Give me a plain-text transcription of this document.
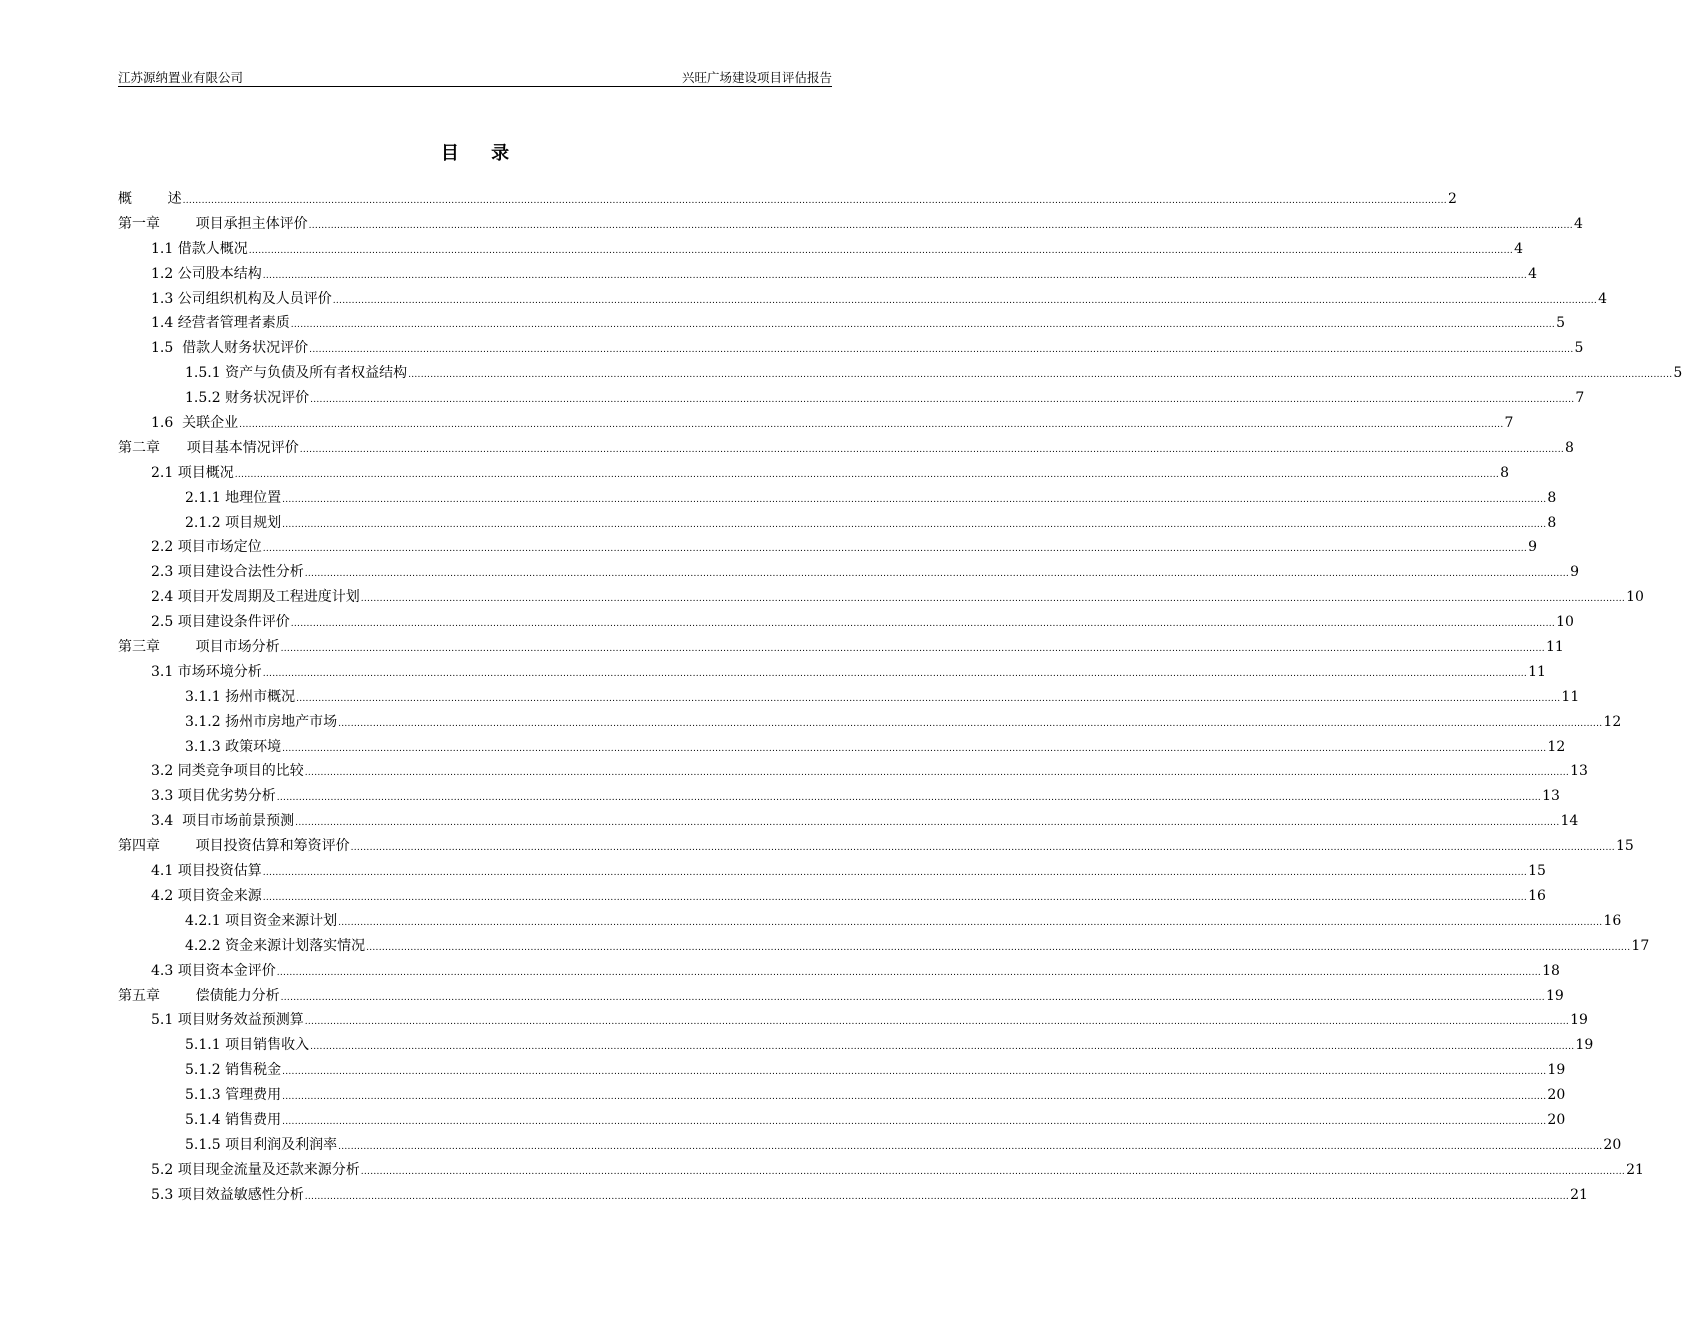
江苏源纳置业有限公司	兴旺广场建设项目评估报告
目 录
概        述 ................................................................................................................................................................................................................................................................................................................................................................................................................ 2
第一章        项目承担主体评价 ................................................................................................................................................................................................................................................................................................................................................................................................................ 4
1.1 借款人概况 ................................................................................................................................................................................................................................................................................................................................................................................................................ 4
1.2 公司股本结构 ................................................................................................................................................................................................................................................................................................................................................................................................................ 4
1.3 公司组织机构及人员评价 ................................................................................................................................................................................................................................................................................................................................................................................................................ 4
1.4 经营者管理者素质 ................................................................................................................................................................................................................................................................................................................................................................................................................ 5
1.5  借款人财务状况评价 ................................................................................................................................................................................................................................................................................................................................................................................................................ 5
1.5.1 资产与负债及所有者权益结构 ................................................................................................................................................................................................................................................................................................................................................................................................................ 5
1.5.2 财务状况评价 ................................................................................................................................................................................................................................................................................................................................................................................................................ 7
1.6  关联企业 ................................................................................................................................................................................................................................................................................................................................................................................................................ 7
第二章      项目基本情况评价 ................................................................................................................................................................................................................................................................................................................................................................................................................ 8
2.1 项目概况 ................................................................................................................................................................................................................................................................................................................................................................................................................ 8
2.1.1 地理位置 ................................................................................................................................................................................................................................................................................................................................................................................................................ 8
2.1.2 项目规划 ................................................................................................................................................................................................................................................................................................................................................................................................................ 8
2.2 项目市场定位 ................................................................................................................................................................................................................................................................................................................................................................................................................ 9
2.3 项目建设合法性分析 ................................................................................................................................................................................................................................................................................................................................................................................................................ 9
2.4 项目开发周期及工程进度计划 ................................................................................................................................................................................................................................................................................................................................................................................................................ 10
2.5 项目建设条件评价 ................................................................................................................................................................................................................................................................................................................................................................................................................ 10
第三章        项目市场分析 ................................................................................................................................................................................................................................................................................................................................................................................................................ 11
3.1 市场环境分析 ................................................................................................................................................................................................................................................................................................................................................................................................................ 11
3.1.1 扬州市概况 ................................................................................................................................................................................................................................................................................................................................................................................................................ 11
3.1.2 扬州市房地产市场 ................................................................................................................................................................................................................................................................................................................................................................................................................ 12
3.1.3 政策环境 ................................................................................................................................................................................................................................................................................................................................................................................................................ 12
3.2 同类竞争项目的比较 ................................................................................................................................................................................................................................................................................................................................................................................................................ 13
3.3 项目优劣势分析 ................................................................................................................................................................................................................................................................................................................................................................................................................ 13
3.4  项目市场前景预测 ................................................................................................................................................................................................................................................................................................................................................................................................................ 14
第四章        项目投资估算和筹资评价 ................................................................................................................................................................................................................................................................................................................................................................................................................ 15
4.1 项目投资估算 ................................................................................................................................................................................................................................................................................................................................................................................................................ 15
4.2 项目资金来源 ................................................................................................................................................................................................................................................................................................................................................................................................................ 16
4.2.1 项目资金来源计划 ................................................................................................................................................................................................................................................................................................................................................................................................................ 16
4.2.2 资金来源计划落实情况 ................................................................................................................................................................................................................................................................................................................................................................................................................ 17
4.3 项目资本金评价 ................................................................................................................................................................................................................................................................................................................................................................................................................ 18
第五章        偿债能力分析 ................................................................................................................................................................................................................................................................................................................................................................................................................ 19
5.1 项目财务效益预测算 ................................................................................................................................................................................................................................................................................................................................................................................................................ 19
5.1.1 项目销售收入 ................................................................................................................................................................................................................................................................................................................................................................................................................ 19
5.1.2 销售税金 ................................................................................................................................................................................................................................................................................................................................................................................................................ 19
5.1.3 管理费用 ................................................................................................................................................................................................................................................................................................................................................................................................................ 20
5.1.4 销售费用 ................................................................................................................................................................................................................................................................................................................................................................................................................ 20
5.1.5 项目利润及利润率 ................................................................................................................................................................................................................................................................................................................................................................................................................ 20
5.2 项目现金流量及还款来源分析 ................................................................................................................................................................................................................................................................................................................................................................................................................ 21
5.3 项目效益敏感性分析 ................................................................................................................................................................................................................................................................................................................................................................................................................ 21
